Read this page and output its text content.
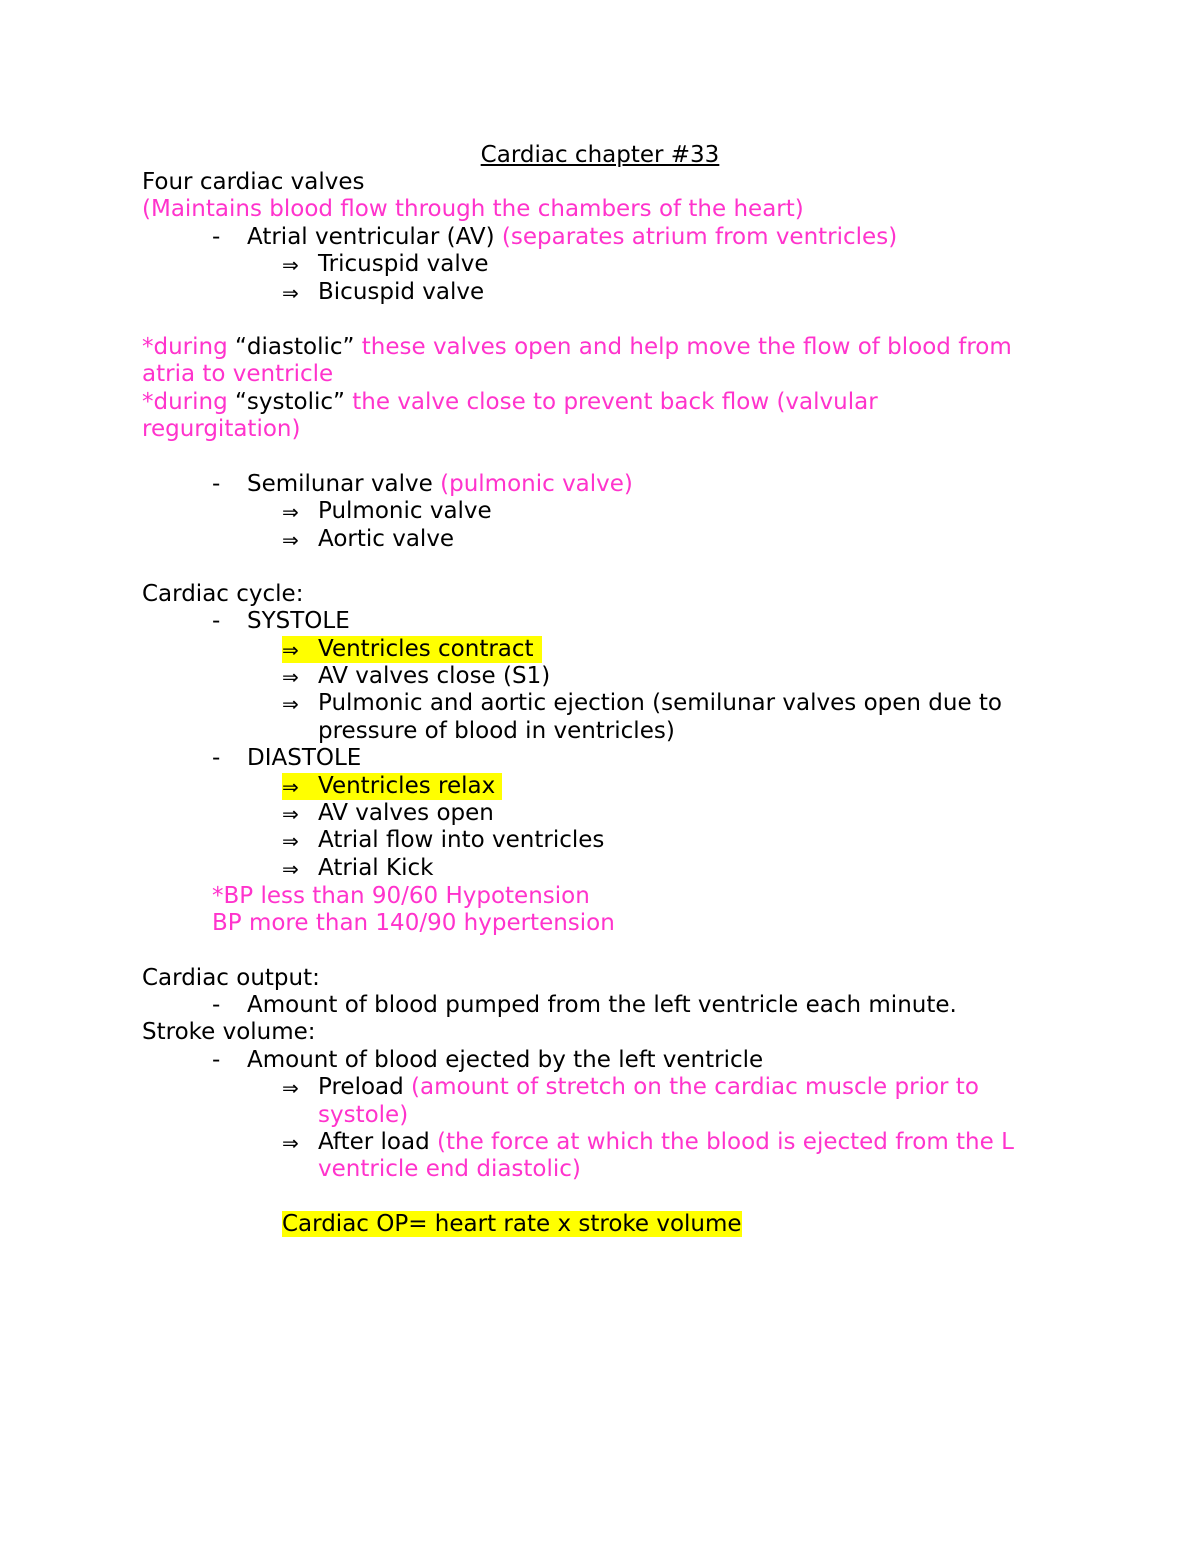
Cardiac chapter #33
Four cardiac valves
(Maintains blood flow through the chambers of the heart)
- Atrial ventricular (AV) (separates atrium from ventricles)
⇒ Tricuspid valve
⇒ Bicuspid valve
*during “diastolic” these valves open and help move the flow of blood from
atria to ventricle
*during “systolic” the valve close to prevent back flow (valvular
regurgitation)
- Semilunar valve (pulmonic valve)
⇒ Pulmonic valve
⇒ Aortic valve
Cardiac cycle:
- SYSTOLE
⇒ Ventricles contract
⇒ AV valves close (S1)
⇒ Pulmonic and aortic ejection (semilunar valves open due to
pressure of blood in ventricles)
- DIASTOLE
⇒ Ventricles relax
⇒ AV valves open
⇒ Atrial flow into ventricles
⇒ Atrial Kick
*BP less than 90/60 Hypotension
BP more than 140/90 hypertension
Cardiac output:
- Amount of blood pumped from the left ventricle each minute.
Stroke volume:
- Amount of blood ejected by the left ventricle
⇒ Preload (amount of stretch on the cardiac muscle prior to
systole)
⇒ After load (the force at which the blood is ejected from the L
ventricle end diastolic)
Cardiac OP= heart rate x stroke volume
